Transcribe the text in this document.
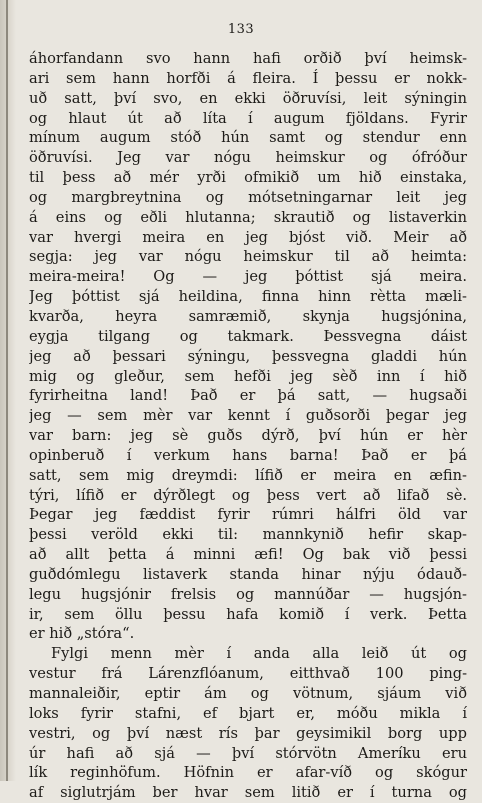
133
áhorfandann svo hann hafi orðið því heimsk-
ari sem hann horfði á fleira. Í þessu er nokk-
uð satt, því svo, en ekki öðruvísi, leit sýningin
og hlaut út að líta í augum fjöldans. Fyrir
mínum augum stóð hún samt og stendur enn
öðruvísi. Jeg var nógu heimskur og ófróður
til þess að mér yrði ofmikið um hið einstaka,
og margbreytnina og mótsetningarnar leit jeg
á eins og eðli hlutanna; skrautið og listaverkin
var hvergi meira en jeg bjóst við. Meir að
segja: jeg var nógu heimskur til að heimta:
meira-meira! Og — jeg þóttist sjá meira.
Jeg þóttist sjá heildina, finna hinn rètta mæli-
kvarða, heyra samræmið, skynja hugsjónina,
eygja tilgang og takmark. Þessvegna dáist
jeg að þessari sýningu, þessvegna gladdi hún
mig og gleður, sem hefði jeg sèð inn í hið
fyrirheitna land! Það er þá satt, — hugsaði
jeg — sem mèr var kennt í guðsorði þegar jeg
var barn: jeg sè guðs dýrð, því hún er hèr
opinberuð í verkum hans barna! Það er þá
satt, sem mig dreymdi: lífið er meira en æfin-
týri, lífið er dýrðlegt og þess vert að lifað sè.
Þegar jeg fæddist fyrir rúmri hálfri öld var
þessi veröld ekki til: mannkynið hefir skap-
að allt þetta á minni æfi! Og bak við þessi
guðdómlegu listaverk standa hinar nýju ódauð-
legu hugsjónir frelsis og mannúðar — hugsjón-
ir, sem öllu þessu hafa komið í verk. Þetta
er hið „stóra“.
Fylgi menn mèr í anda alla leið út og
vestur frá Lárenzflóanum, eitthvað 100 ping-
mannaleiðir, eptir ám og vötnum, sjáum við
loks fyrir stafni, ef bjart er, móðu mikla í
vestri, og því næst rís þar geysimikil borg upp
úr hafi að sjá — því stórvötn Ameríku eru
lík reginhöfum. Höfnin er afar-víð og skógur
af siglutrjám ber hvar sem litið er í turna og
